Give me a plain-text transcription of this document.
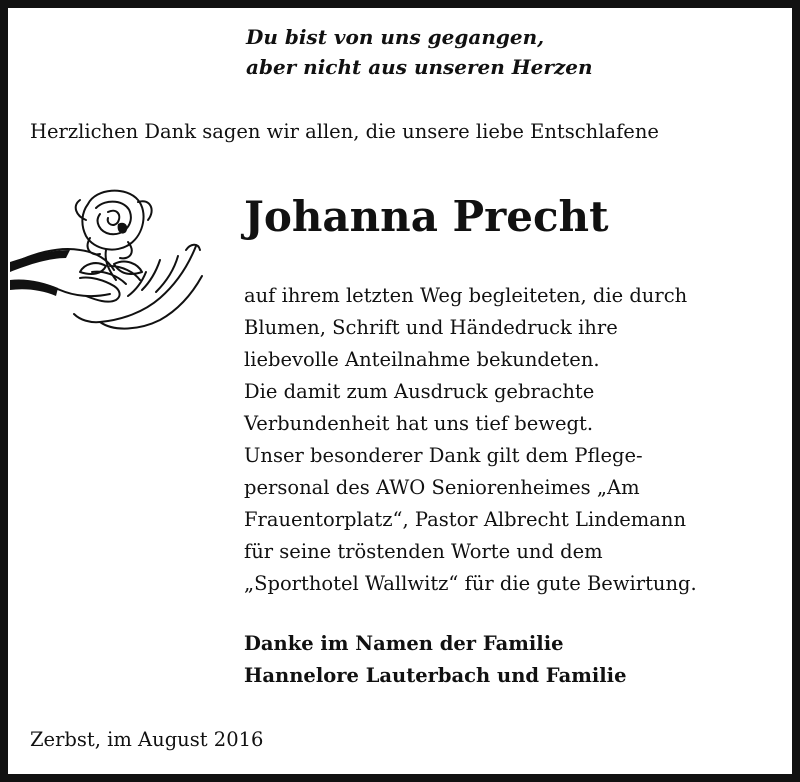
Du bist von uns gegangen,
aber nicht aus unseren Herzen
Herzlichen Dank sagen wir allen, die unsere liebe Entschlafene
Johanna Precht
auf ihrem letzten Weg begleiteten, die durch
Blumen, Schrift und Händedruck ihre
liebevolle Anteilnahme bekundeten.
Die damit zum Ausdruck gebrachte
Verbundenheit hat uns tief bewegt.
Unser besonderer Dank gilt dem Pflege-
personal des AWO Seniorenheimes „Am
Frauentorplatz“, Pastor Albrecht Lindemann
für seine tröstenden Worte und dem
„Sporthotel Wallwitz“ für die gute Bewirtung.
Danke im Namen der Familie
Hannelore Lauterbach und Familie
Zerbst, im August 2016
